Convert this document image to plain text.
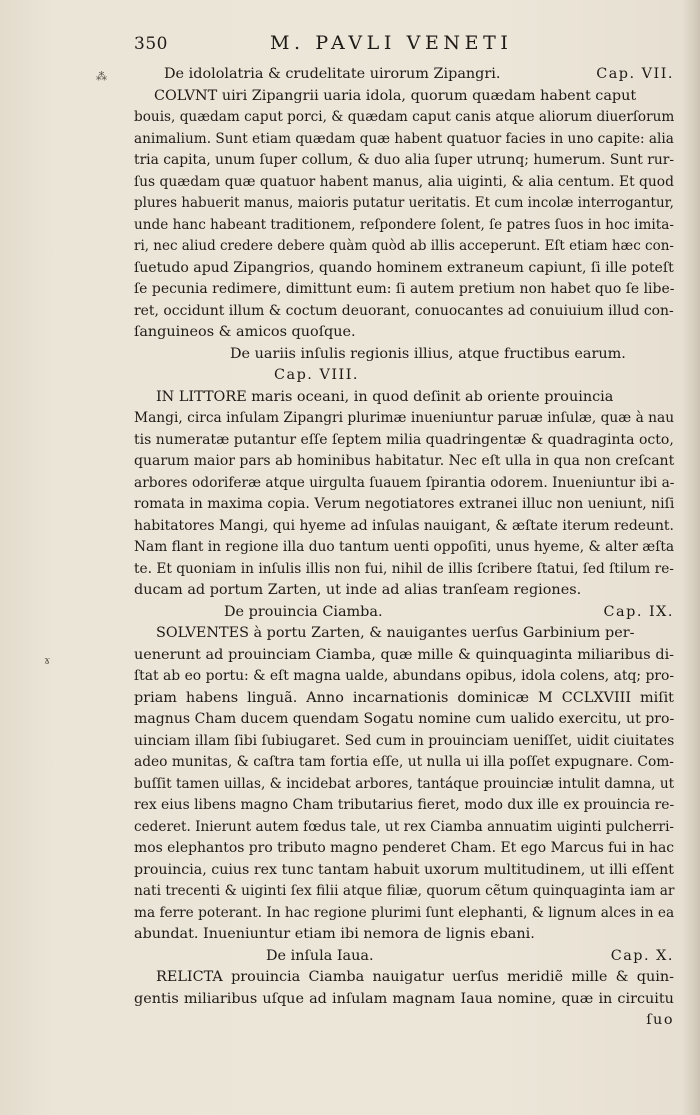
⁂
ɤ
350	M. PAVLI VENETI
De idololatria & crudelitate uirorum Zipangri.	Cap. VII.
COLVNT uiri Zipangrii uaria idola, quorum quædam habent caput
bouis, quædam caput porci, & quædam caput canis atque aliorum diuerſorum
animalium. Sunt etiam quædam quæ habent quatuor facies in uno capite: alia
tria capita, unum ſuper collum, & duo alia ſuper utrunq; humerum. Sunt rur-
ſus quædam quæ quatuor habent manus, alia uiginti, & alia centum. Et quod
plures habuerit manus, maioris putatur ueritatis. Et cum incolæ interrogantur,
unde hanc habeant traditionem, reſpondere ſolent, ſe patres ſuos in hoc imita-
ri, nec aliud credere debere quàm quòd ab illis acceperunt. Eſt etiam hæc con-
ſuetudo apud Zipangrios, quando hominem extraneum capiunt, ſi ille poteſt
ſe pecunia redimere, dimittunt eum: ſi autem pretium non habet quo ſe libe-
ret, occidunt illum & coctum deuorant, conuocantes ad conuiuium illud con-
ſanguineos & amicos quoſque.
De uariis inſulis regionis illius, atque fructibus earum.
Cap. VIII.
IN LITTORE maris oceani, in quod deſinit ab oriente prouincia
Mangi, circa inſulam Zipangri plurimæ inueniuntur paruæ inſulæ, quæ à nau
tis numeratæ putantur eſſe ſeptem milia quadringentæ & quadraginta octo,
quarum maior pars ab hominibus habitatur. Nec eſt ulla in qua non creſcant
arbores odoriferæ atque uirgulta ſuauem ſpirantia odorem. Inueniuntur ibi a-
romata in maxima copia. Verum negotiatores extranei illuc non ueniunt, niſi
habitatores Mangi, qui hyeme ad inſulas nauigant, & æſtate iterum redeunt.
Nam flant in regione illa duo tantum uenti oppoſiti, unus hyeme, & alter æſta
te. Et quoniam in inſulis illis non fui, nihil de illis ſcribere ſtatui, ſed ſtilum re-
ducam ad portum Zarten, ut inde ad alias tranſeam regiones.
De prouincia Ciamba.	Cap. IX.
SOLVENTES à portu Zarten, & nauigantes uerſus Garbinium per-
uenerunt ad prouinciam Ciamba, quæ mille & quinquaginta miliaribus di-
ſtat ab eo portu: & eſt magna ualde, abundans opibus, idola colens, atq; pro-
priam habens linguã. Anno incarnationis dominicæ M CCLXVIII miſit
magnus Cham ducem quendam Sogatu nomine cum ualido exercitu, ut pro-
uinciam illam ſibi ſubiugaret. Sed cum in prouinciam ueniſſet, uidit ciuitates
adeo munitas, & caſtra tam fortia eſſe, ut nulla ui illa poſſet expugnare. Com-
buſſit tamen uillas, & incidebat arbores, tantáque prouinciæ intulit damna, ut
rex eius libens magno Cham tributarius fieret, modo dux ille ex prouincia re-
cederet. Inierunt autem fœdus tale, ut rex Ciamba annuatim uiginti pulcherri-
mos elephantos pro tributo magno penderet Cham. Et ego Marcus fui in hac
prouincia, cuius rex tunc tantam habuit uxorum multitudinem, ut illi eſſent
nati trecenti & uiginti ſex filii atque filiæ, quorum cẽtum quinquaginta iam ar
ma ferre poterant. In hac regione plurimi ſunt elephanti, & lignum alces in ea
abundat. Inueniuntur etiam ibi nemora de lignis ebani.
De inſula Iaua.	Cap. X.
RELICTA prouincia Ciamba nauigatur uerſus meridiẽ mille & quin-
gentis miliaribus uſque ad inſulam magnam Iaua nomine, quæ in circuitu
ſuo
